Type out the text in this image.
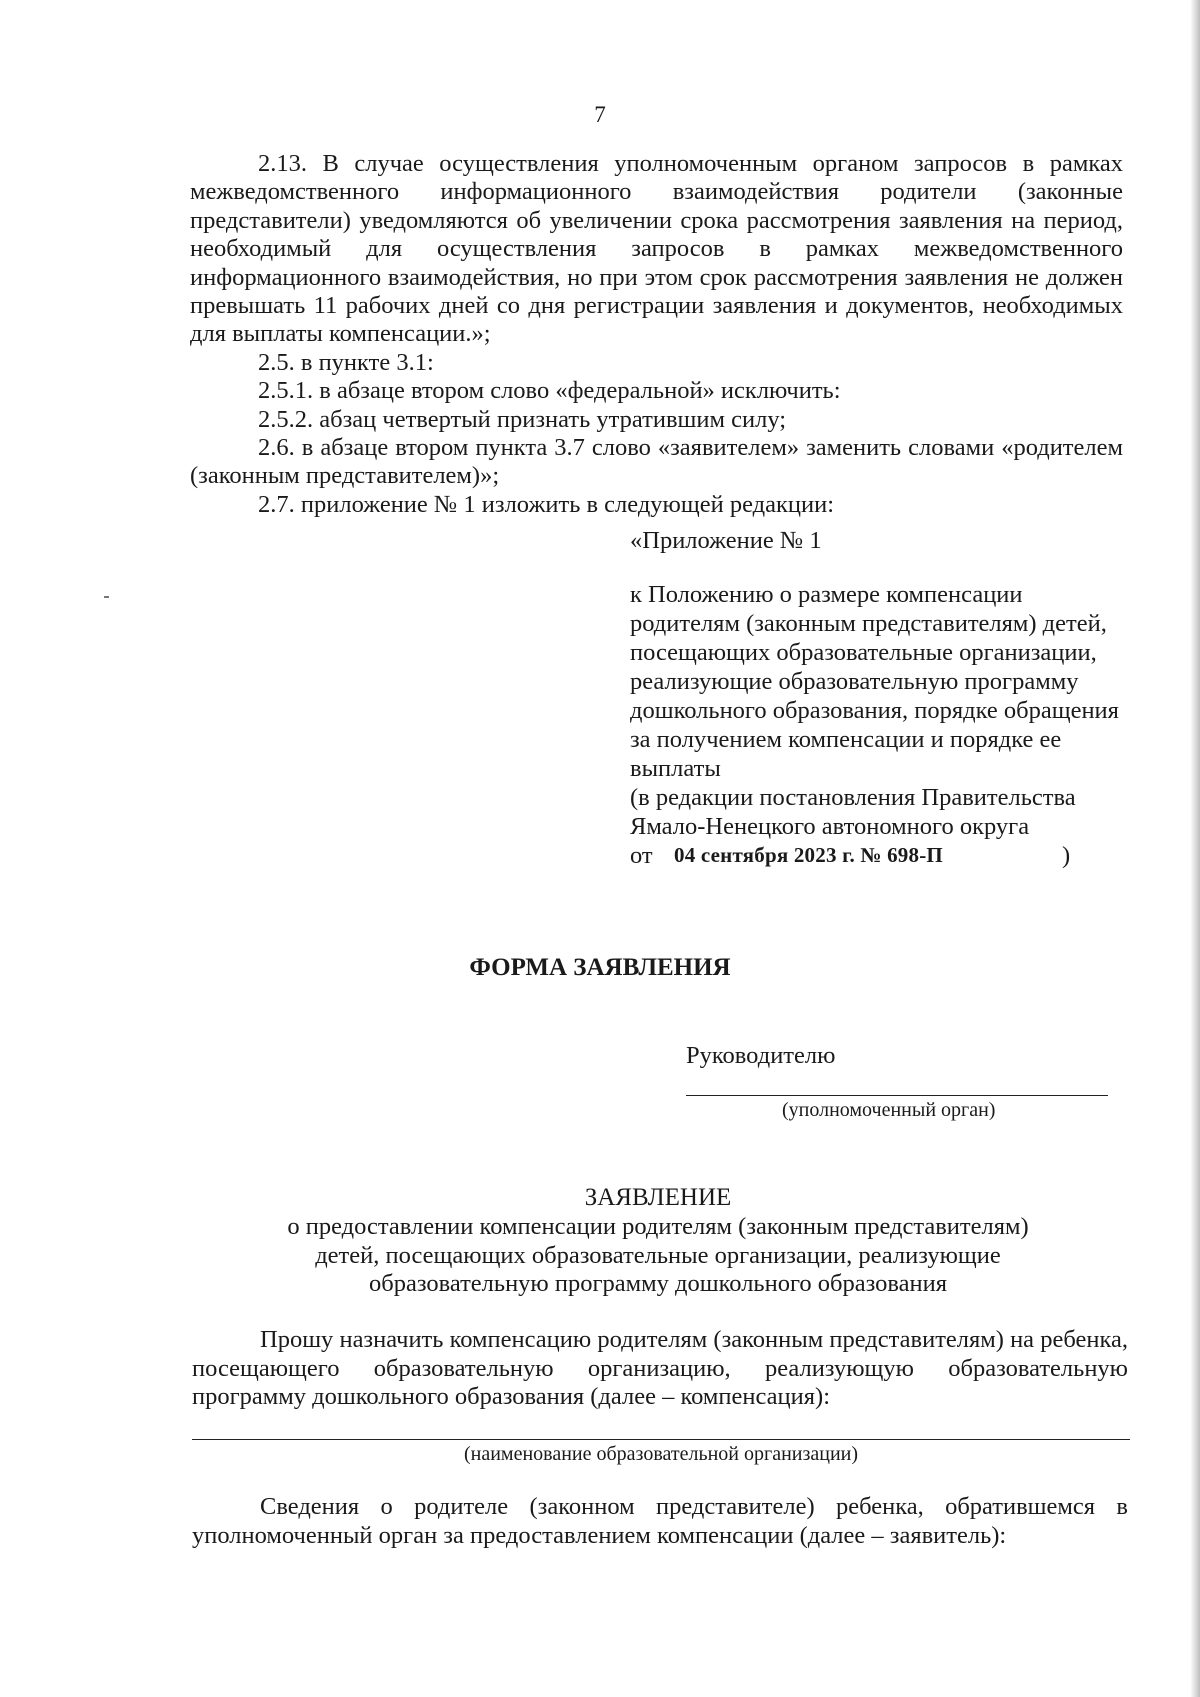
7

2.13. В случае осуществления уполномоченным органом запросов в рамках межведомственного информационного взаимодействия родители (законные представители) уведомляются об увеличении срока рассмотрения заявления на период, необходимый для осуществления запросов в рамках межведомственного информационного взаимодействия, но при этом срок рассмотрения заявления не должен превышать 11 рабочих дней со дня регистрации заявления и документов, необходимых для выплаты компенсации.»;

2.5. в пункте 3.1:

2.5.1. в абзаце втором слово «федеральной» исключить:

2.5.2. абзац четвертый признать утратившим силу;

2.6. в абзаце втором пункта 3.7 слово «заявителем» заменить словами «родителем (законным представителем)»;

2.7. приложение № 1 изложить в следующей редакции:

«Приложение № 1

к Положению о размере компенсации родителям (законным представителям) детей, посещающих образовательные организации, реализующие образовательную программу дошкольного образования, порядке обращения за получением компенсации и порядке ее выплаты

(в редакции постановления Правительства Ямало-Ненецкого автономного округа

от 04 сентября 2023 г. № 698-П	)
ФОРМА ЗАЯВЛЕНИЯ
Руководителю
(уполномоченный орган)
ЗАЯВЛЕНИЕ

о предоставлении компенсации родителям (законным представителям)

детей, посещающих образовательные организации, реализующие

образовательную программу дошкольного образования

Прошу назначить компенсацию родителям (законным представителям) на ребенка, посещающего образовательную организацию, реализующую образовательную программу дошкольного образования (далее – компенсация):

(наименование образовательной организации)

Сведения о родителе (законном представителе) ребенка, обратившемся в уполномоченный орган за предоставлением компенсации (далее – заявитель):
